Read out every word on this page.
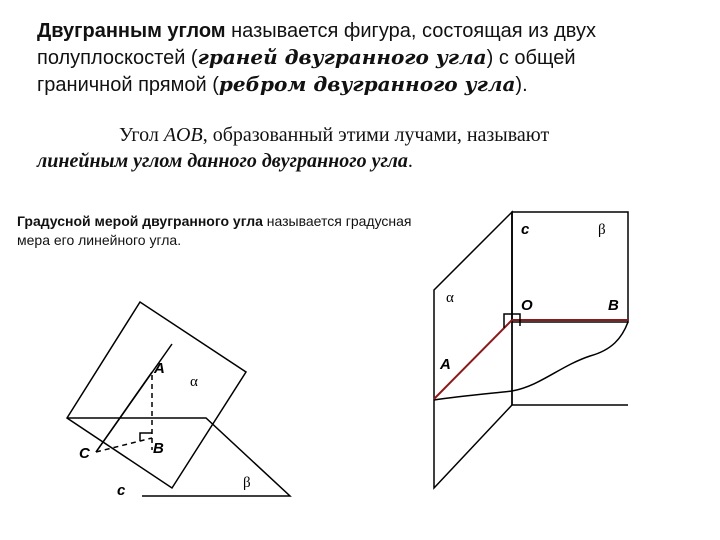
Двугранным углом называется фигура, состоящая из двух полуплоскостей (граней двугранного угла) с общей граничной прямой (ребром двугранного угла).
Угол AOB, образованный этими лучами, называют линейным углом данного двугранного угла.
Градусной мерой двугранного угла называется градусная мера его линейного угла.
A
B
C
c
α
β
c	β
α	O	B
A
